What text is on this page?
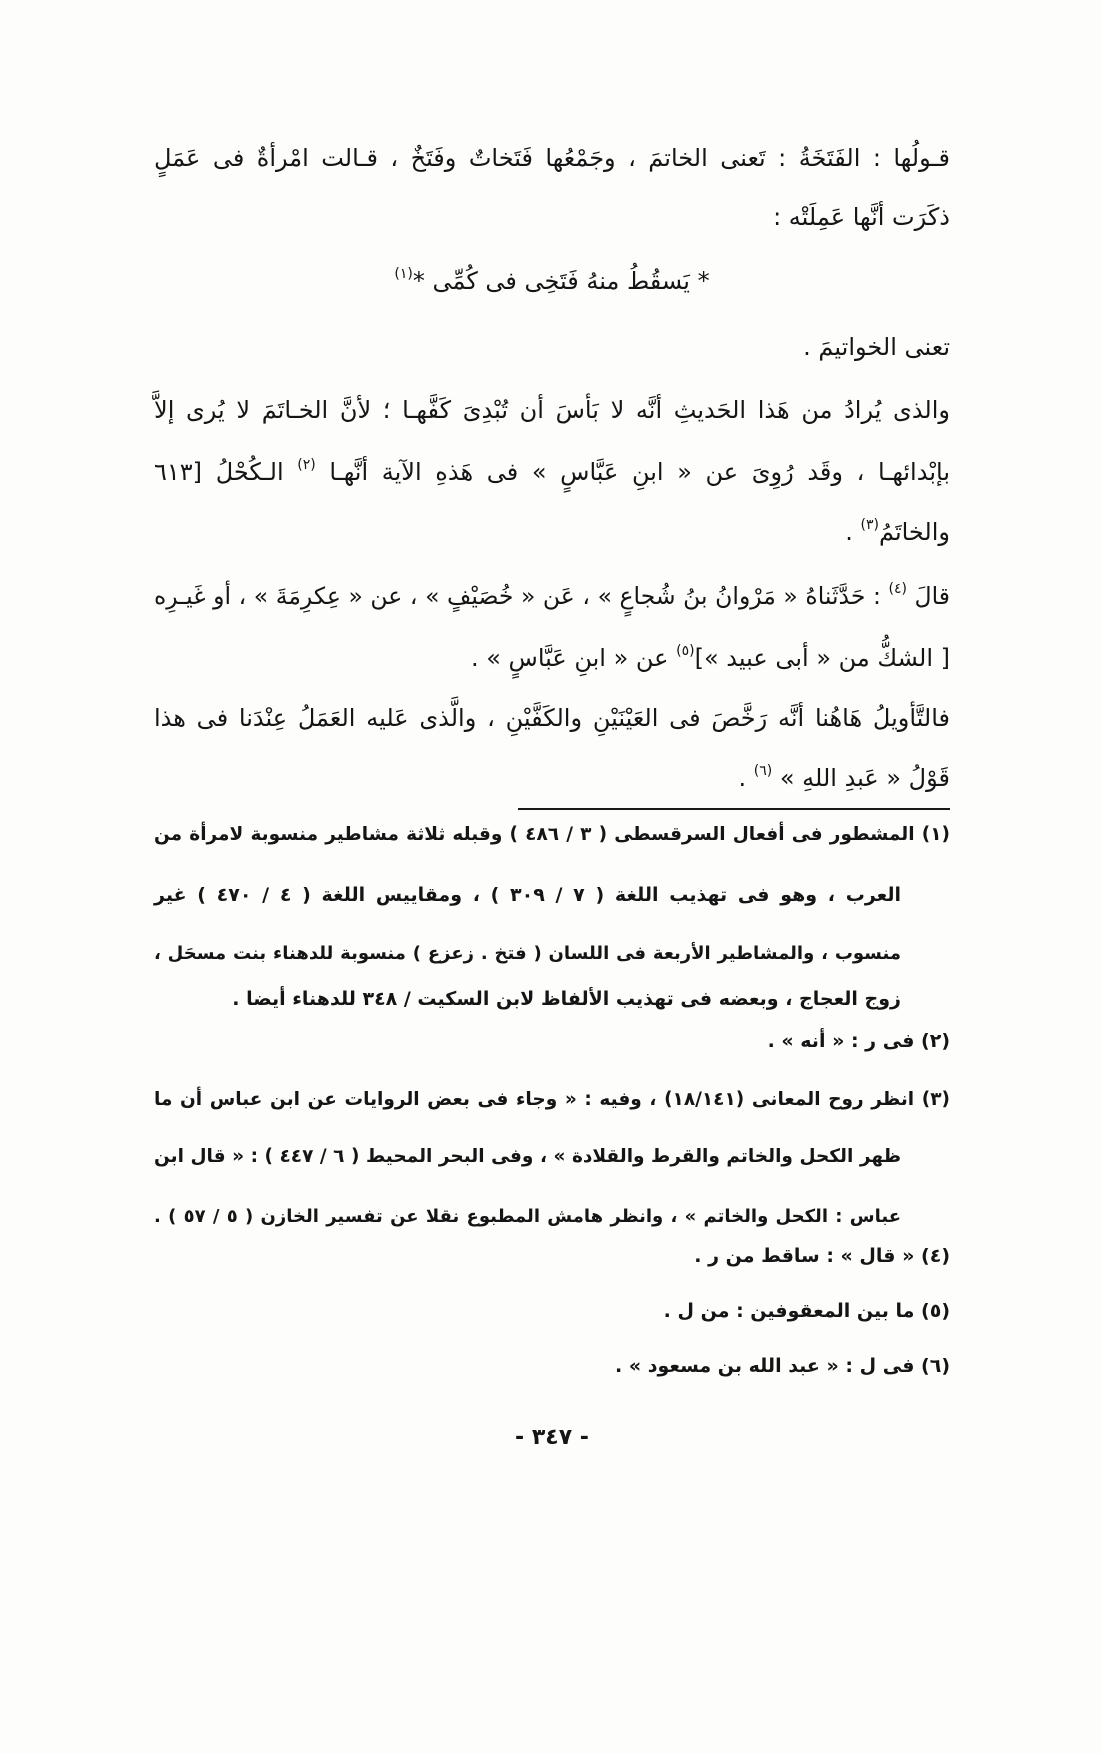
قـولُها : الفَتَخَةُ : تَعنى الخاتمَ ، وجَمْعُها فَتَخاتٌ وفَتَخٌ ، قـالت امْرأةٌ فى عَمَلٍ
ذكَرَت أنَّها عَمِلَتْه :
* يَسقُطُ منهُ فَتَخِى فى كُمِّى *$^{(١)}$
تعنى الخواتيمَ .
والذى يُرادُ من هَذا الحَديثِ أنَّه لا بَأسَ أن تُبْدِىَ كَفَّهـا ؛ لأنَّ الخـاتَمَ لا يُرى إلاَّ
بإبْدائهـا ، وقَد رُوِىَ عن « ابنِ عَبَّاسٍ » فى هَذهِ الآية أنَّهـا $^{(٢)}$ الـكُحْلُ [٦١٣
والخاتَمُ$^{(٣)}$ .
قالَ $^{(٤)}$ : حَدَّثَناهُ « مَرْوانُ بنُ شُجاعٍ » ، عَن « خُصَيْفٍ » ، عن « عِكرِمَةَ » ، أو غَيـرِه
[ الشكُّ من « أبى عبيد »]$^{(٥)}$ عن « ابنِ عَبَّاسٍ » .
فالتَّأويلُ هَاهُنا أنَّه رَخَّصَ فى العَيْنَيْنِ والكَفَّيْنِ ، والَّذى عَليه العَمَلُ عِنْدَنا فى هذا
قَوْلُ « عَبدِ اللهِ » $^{(٦)}$ .
(١) المشطور فى أفعال السرقسطى ( ٣ / ٤٨٦ ) وقبله ثلاثة مشاطير منسوبة لامرأة من
العرب ، وهو فى تهذيب اللغة ( ٧ / ٣٠٩ ) ، ومقاييس اللغة ( ٤ / ٤٧٠ ) غير
منسوب ، والمشاطير الأربعة فى اللسان ( فتخ . زعزع ) منسوبة للدهناء بنت مسحَل ،
زوج العجاج ، وبعضه فى تهذيب الألفاظ لابن السكيت / ٣٤٨ للدهناء أيضا .
(٢) فى ر : « أنه » .
(٣) انظر روح المعانى (١٨/١٤١) ، وفيه : « وجاء فى بعض الروايات عن ابن عباس أن ما
ظهر الكحل والخاتم والقرط والقلادة » ، وفى البحر المحيط ( ٦ / ٤٤٧ ) : « قال ابن
عباس : الكحل والخاتم » ، وانظر هامش المطبوع نقلا عن تفسير الخازن ( ٥ / ٥٧ ) .
(٤) « قال » : ساقط من ر .
(٥) ما بين المعقوفين : من ل .
(٦) فى ل : « عبد الله بن مسعود » .
- ٣٤٧ -
